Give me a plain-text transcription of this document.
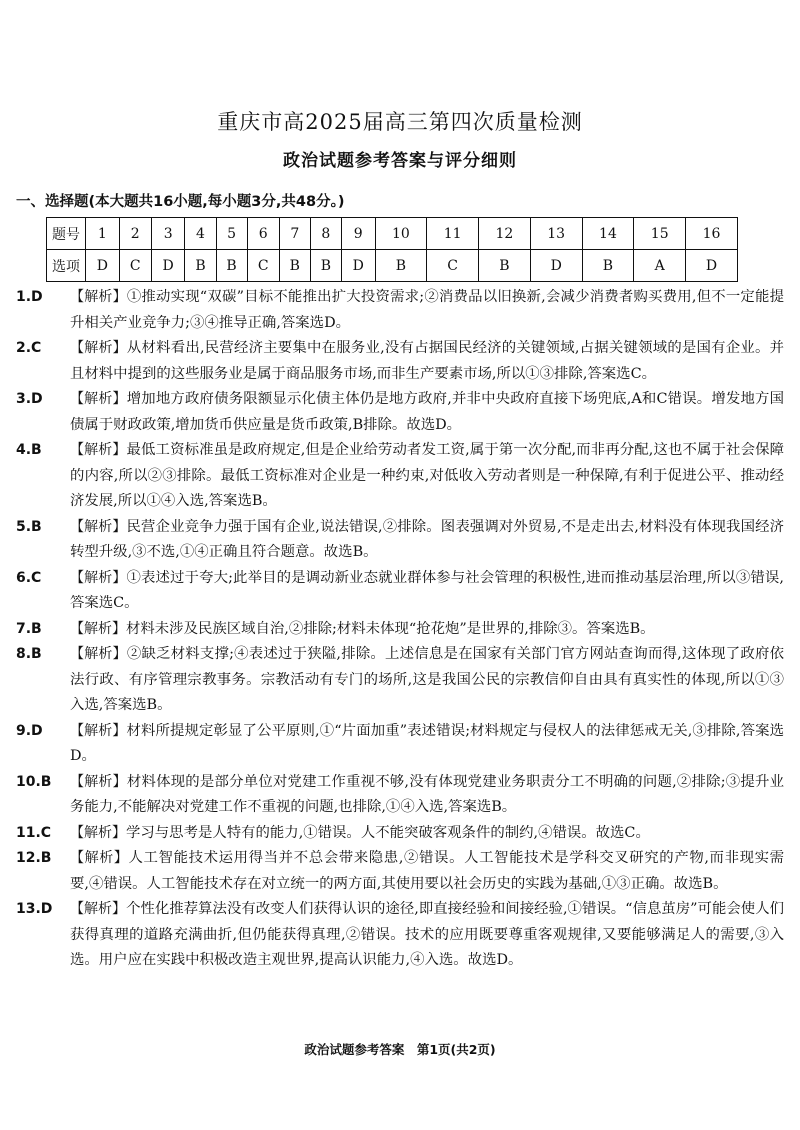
重庆市高2025届高三第四次质量检测
政治试题参考答案与评分细则
一、选择题(本大题共16小题,每小题3分,共48分。)
题号	1	2	3	4	5	6	7	8	9	10	11	12	13	14	15	16
选项	D	C	D	B	B	C	B	B	D	B	C	B	D	B	A	D
1.D	【解析】①推动实现“双碳”目标不能推出扩大投资需求;②消费品以旧换新,会减少消费者购买费用,但不一定能提升相关产业竞争力;③④推导正确,答案选D。
2.C	【解析】从材料看出,民营经济主要集中在服务业,没有占据国民经济的关键领域,占据关键领域的是国有企业。并且材料中提到的这些服务业是属于商品服务市场,而非生产要素市场,所以①③排除,答案选C。
3.D	【解析】增加地方政府债务限额显示化债主体仍是地方政府,并非中央政府直接下场兜底,A和C错误。增发地方国债属于财政政策,增加货币供应量是货币政策,B排除。故选D。
4.B	【解析】最低工资标准虽是政府规定,但是企业给劳动者发工资,属于第一次分配,而非再分配,这也不属于社会保障的内容,所以②③排除。最低工资标准对企业是一种约束,对低收入劳动者则是一种保障,有利于促进公平、推动经济发展,所以①④入选,答案选B。
5.B	【解析】民营企业竞争力强于国有企业,说法错误,②排除。图表强调对外贸易,不是走出去,材料没有体现我国经济转型升级,③不选,①④正确且符合题意。故选B。
6.C	【解析】①表述过于夸大;此举目的是调动新业态就业群体参与社会管理的积极性,进而推动基层治理,所以③错误,答案选C。
7.B	【解析】材料未涉及民族区域自治,②排除;材料未体现“抢花炮”是世界的,排除③。答案选B。
8.B	【解析】②缺乏材料支撑;④表述过于狭隘,排除。上述信息是在国家有关部门官方网站查询而得,这体现了政府依法行政、有序管理宗教事务。宗教活动有专门的场所,这是我国公民的宗教信仰自由具有真实性的体现,所以①③入选,答案选B。
9.D	【解析】材料所提规定彰显了公平原则,①“片面加重”表述错误;材料规定与侵权人的法律惩戒无关,③排除,答案选D。
10.B	【解析】材料体现的是部分单位对党建工作重视不够,没有体现党建业务职责分工不明确的问题,②排除;③提升业务能力,不能解决对党建工作不重视的问题,也排除,①④入选,答案选B。
11.C	【解析】学习与思考是人特有的能力,①错误。人不能突破客观条件的制约,④错误。故选C。
12.B	【解析】人工智能技术运用得当并不总会带来隐患,②错误。人工智能技术是学科交叉研究的产物,而非现实需要,④错误。人工智能技术存在对立统一的两方面,其使用要以社会历史的实践为基础,①③正确。故选B。
13.D	【解析】个性化推荐算法没有改变人们获得认识的途径,即直接经验和间接经验,①错误。“信息茧房”可能会使人们获得真理的道路充满曲折,但仍能获得真理,②错误。技术的应用既要尊重客观规律,又要能够满足人的需要,③入选。用户应在实践中积极改造主观世界,提高认识能力,④入选。故选D。
政治试题参考答案　第1页(共2页)
